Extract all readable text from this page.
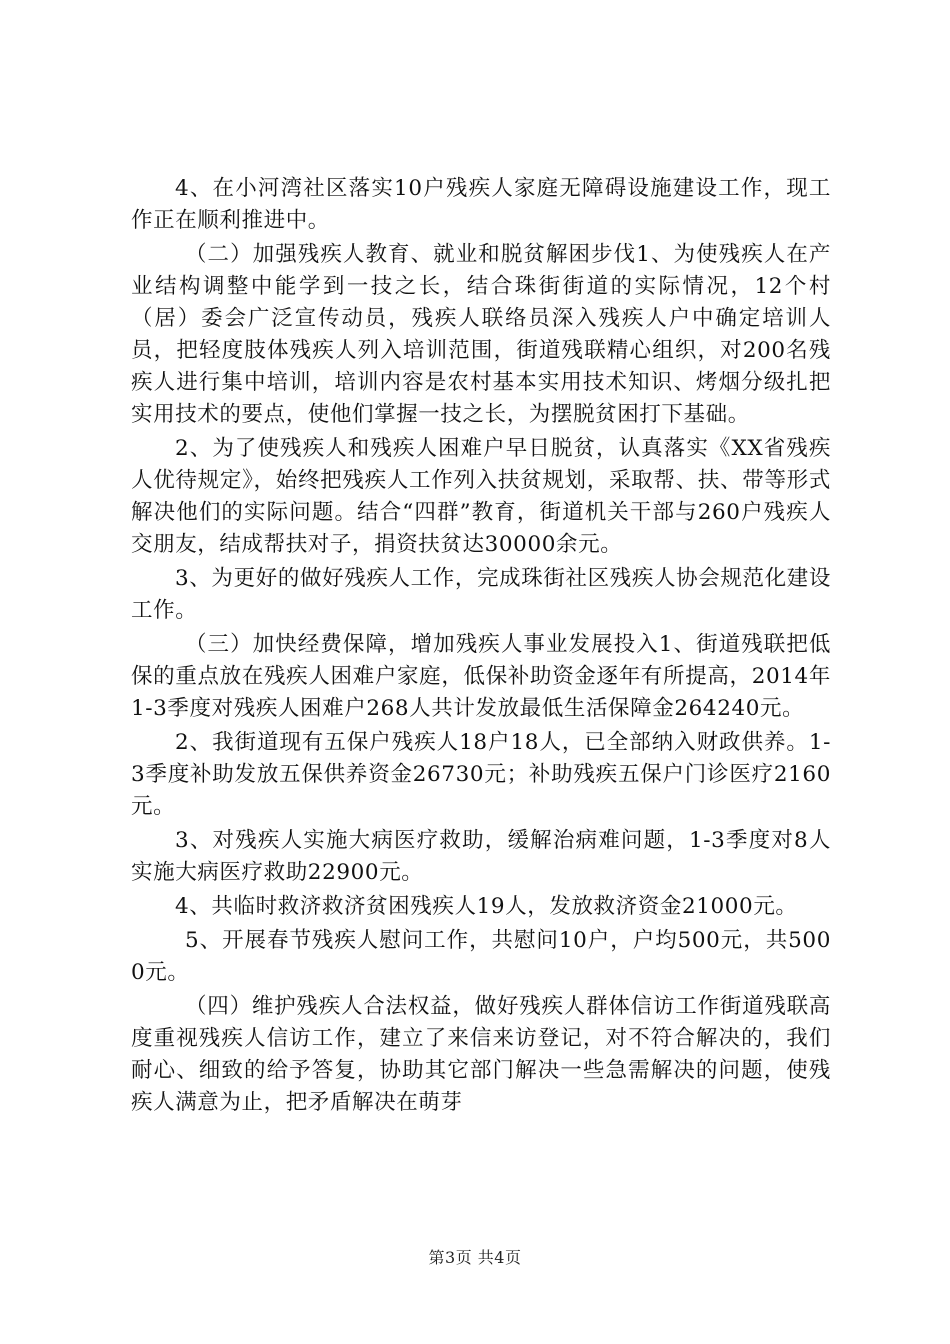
4、在小河湾社区落实10户残疾人家庭无障碍设施建设工作，现工作正在顺利推进中。

（二）加强残疾人教育、就业和脱贫解困步伐1、为使残疾人在产业结构调整中能学到一技之长，结合珠街街道的实际情况，12个村（居）委会广泛宣传动员，残疾人联络员深入残疾人户中确定培训人员，把轻度肢体残疾人列入培训范围，街道残联精心组织，对200名残疾人进行集中培训，培训内容是农村基本实用技术知识、烤烟分级扎把实用技术的要点，使他们掌握一技之长，为摆脱贫困打下基础。

2、为了使残疾人和残疾人困难户早日脱贫，认真落实《XX省残疾人优待规定》，始终把残疾人工作列入扶贫规划，采取帮、扶、带等形式解决他们的实际问题。结合“四群”教育，街道机关干部与260户残疾人交朋友，结成帮扶对子，捐资扶贫达30000余元。

3、为更好的做好残疾人工作，完成珠街社区残疾人协会规范化建设工作。

（三）加快经费保障，增加残疾人事业发展投入1、街道残联把低保的重点放在残疾人困难户家庭，低保补助资金逐年有所提高，2014年1-3季度对残疾人困难户268人共计发放最低生活保障金264240元。

2、我街道现有五保户残疾人18户18人，已全部纳入财政供养。1-3季度补助发放五保供养资金26730元；补助残疾五保户门诊医疗2160元。

3、对残疾人实施大病医疗救助，缓解治病难问题，1-3季度对8人实施大病医疗救助22900元。

4、共临时救济救济贫困残疾人19人，发放救济资金21000元。

5、开展春节残疾人慰问工作，共慰问10户，户均500元，共5000元。

（四）维护残疾人合法权益，做好残疾人群体信访工作街道残联高度重视残疾人信访工作，建立了来信来访登记，对不符合解决的，我们耐心、细致的给予答复，协助其它部门解决一些急需解决的问题，使残疾人满意为止，把矛盾解决在萌芽

第3页 共4页
